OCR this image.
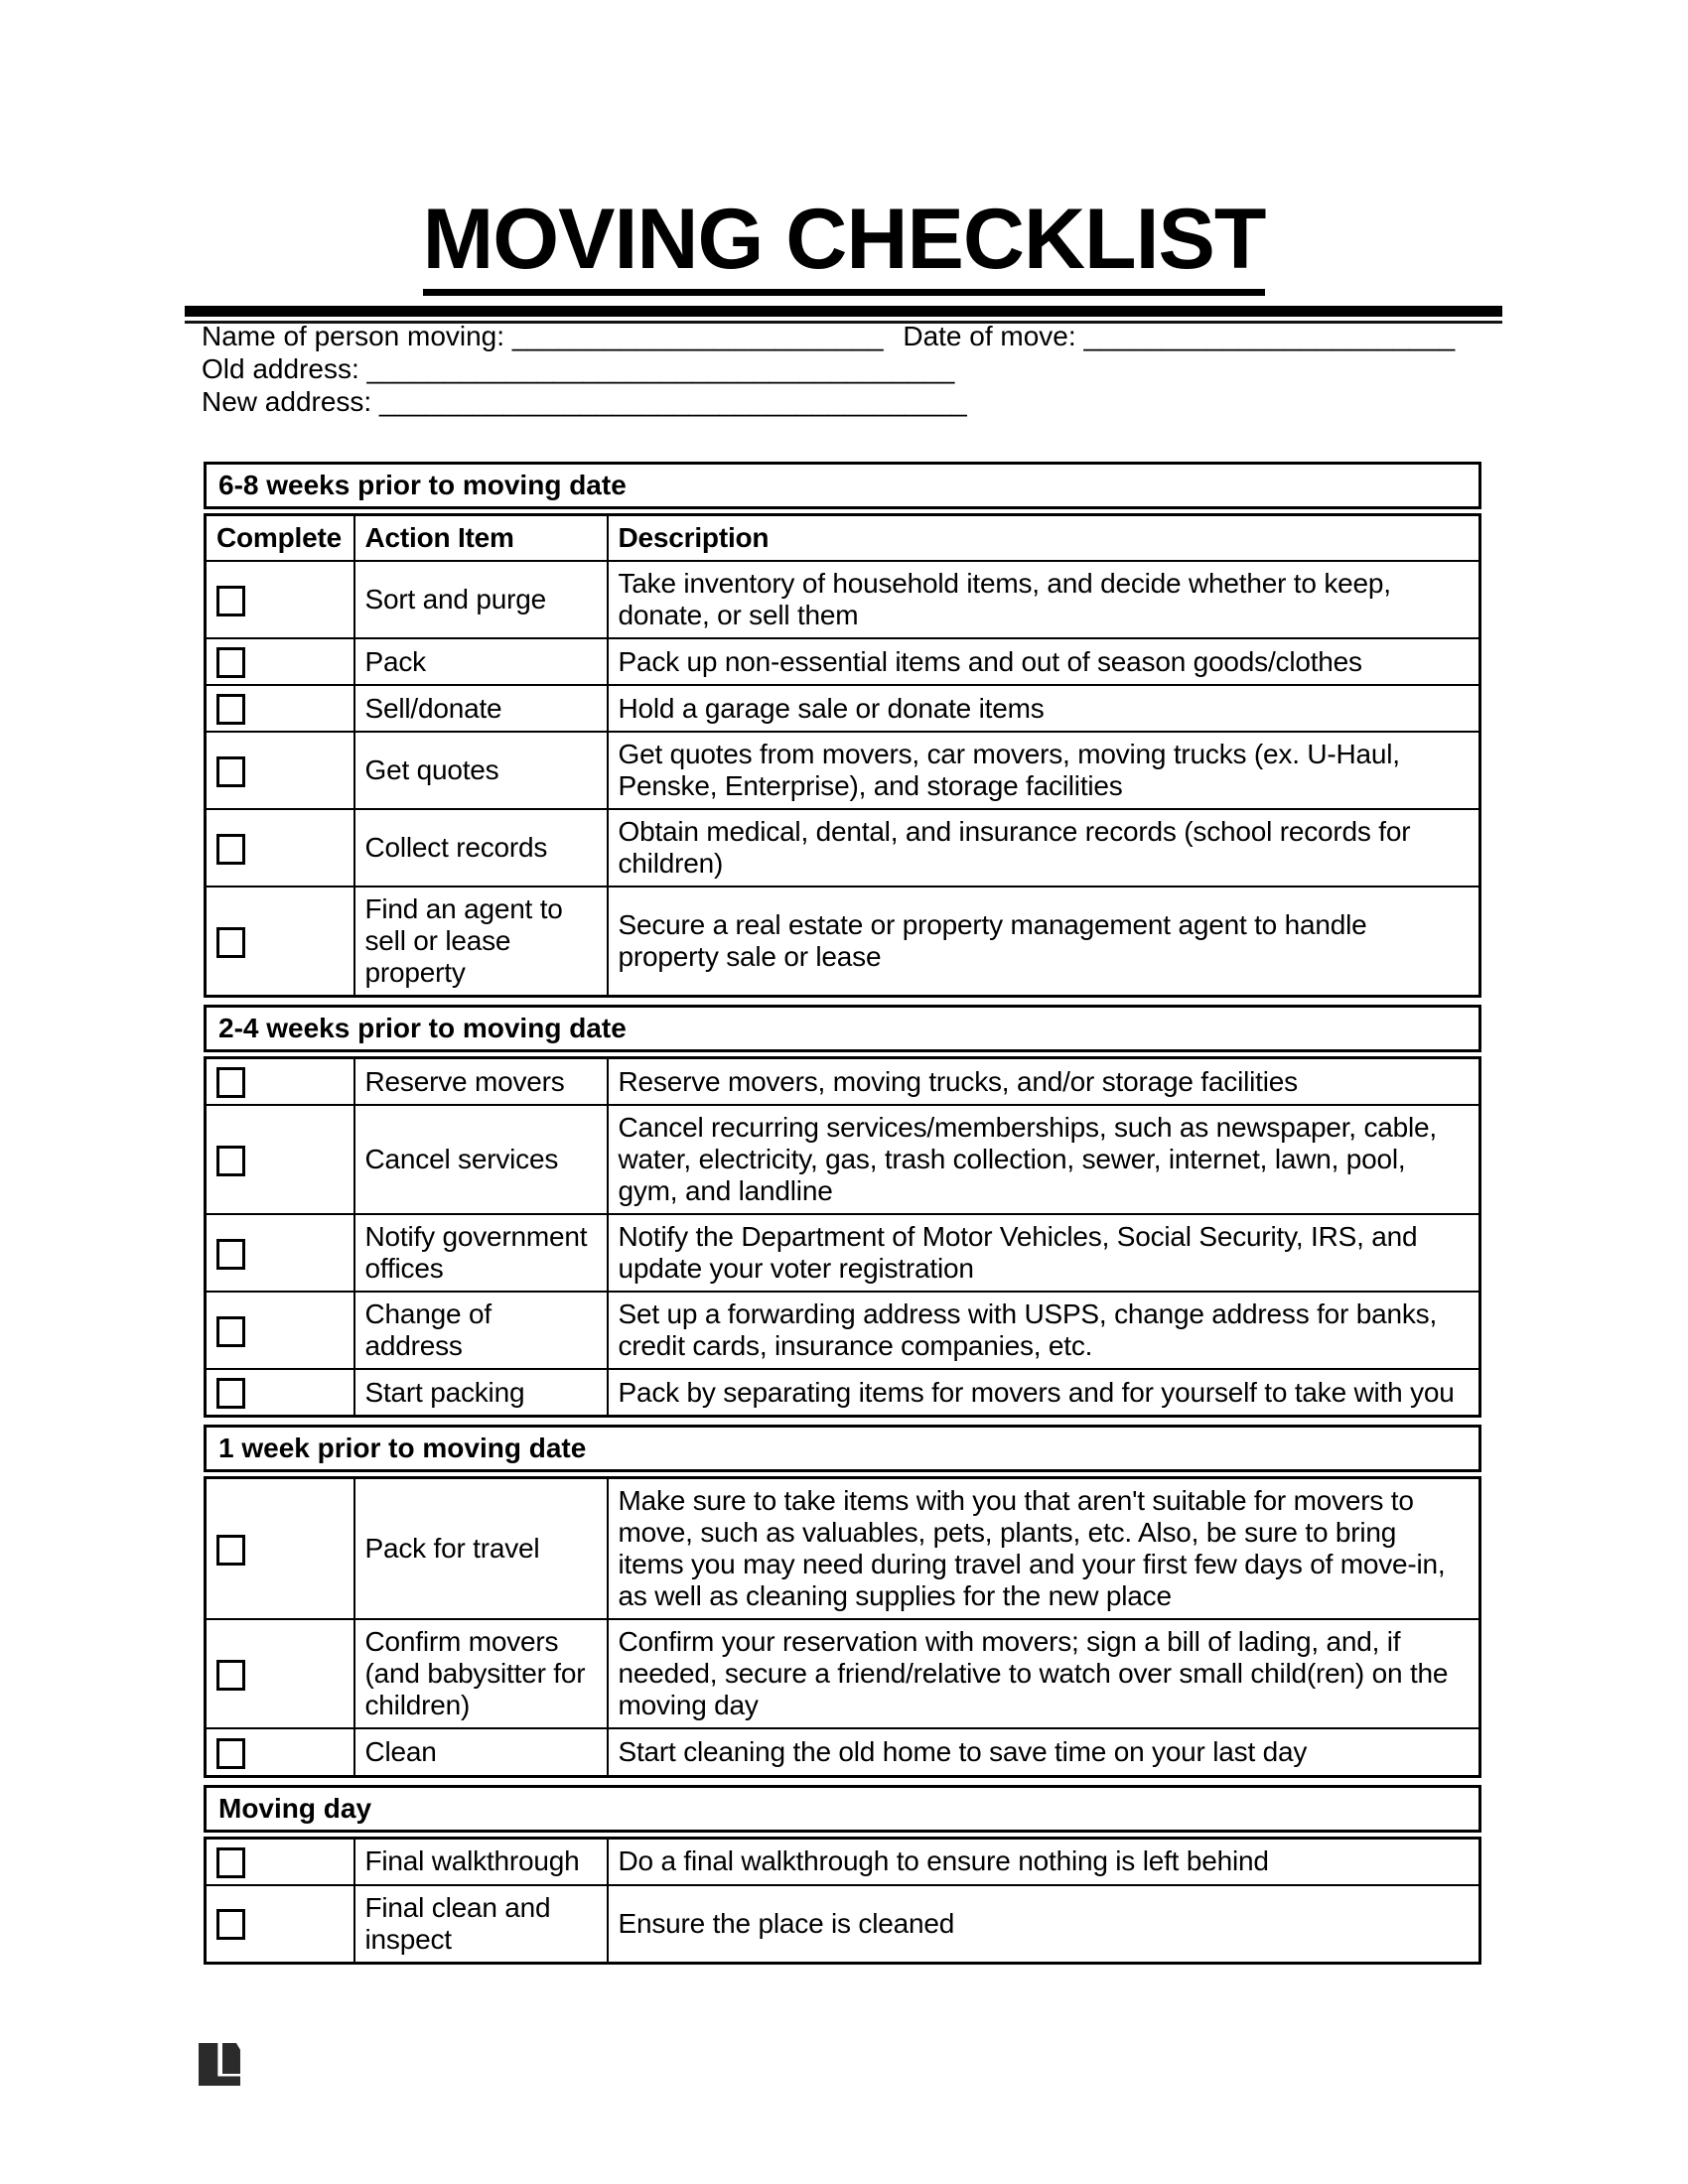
MOVING CHECKLIST
Name of person moving: ________________________ Date of move: ________________________
Old address: ______________________________________
New address: ______________________________________
6-8 weeks prior to moving date
Complete	Action Item	Description
	Sort and purge	Take inventory of household items, and decide whether to keep, donate, or sell them
	Pack	Pack up non-essential items and out of season goods/clothes
	Sell/donate	Hold a garage sale or donate items
	Get quotes	Get quotes from movers, car movers, moving trucks (ex. U-Haul, Penske, Enterprise), and storage facilities
	Collect records	Obtain medical, dental, and insurance records (school records for children)
	Find an agent to sell or lease property	Secure a real estate or property management agent to handle property sale or lease
2-4 weeks prior to moving date
	Reserve movers	Reserve movers, moving trucks, and/or storage facilities
	Cancel services	Cancel recurring services/memberships, such as newspaper, cable, water, electricity, gas, trash collection, sewer, internet, lawn, pool, gym, and landline
	Notify government offices	Notify the Department of Motor Vehicles, Social Security, IRS, and update your voter registration
	Change of address	Set up a forwarding address with USPS, change address for banks, credit cards, insurance companies, etc.
	Start packing	Pack by separating items for movers and for yourself to take with you
1 week prior to moving date
	Pack for travel	Make sure to take items with you that aren't suitable for movers to move, such as valuables, pets, plants, etc. Also, be sure to bring items you may need during travel and your first few days of move-in, as well as cleaning supplies for the new place
	Confirm movers (and babysitter for children)	Confirm your reservation with movers; sign a bill of lading, and, if needed, secure a friend/relative to watch over small child(ren) on the moving day
	Clean	Start cleaning the old home to save time on your last day
Moving day
	Final walkthrough	Do a final walkthrough to ensure nothing is left behind
	Final clean and inspect	Ensure the place is cleaned
